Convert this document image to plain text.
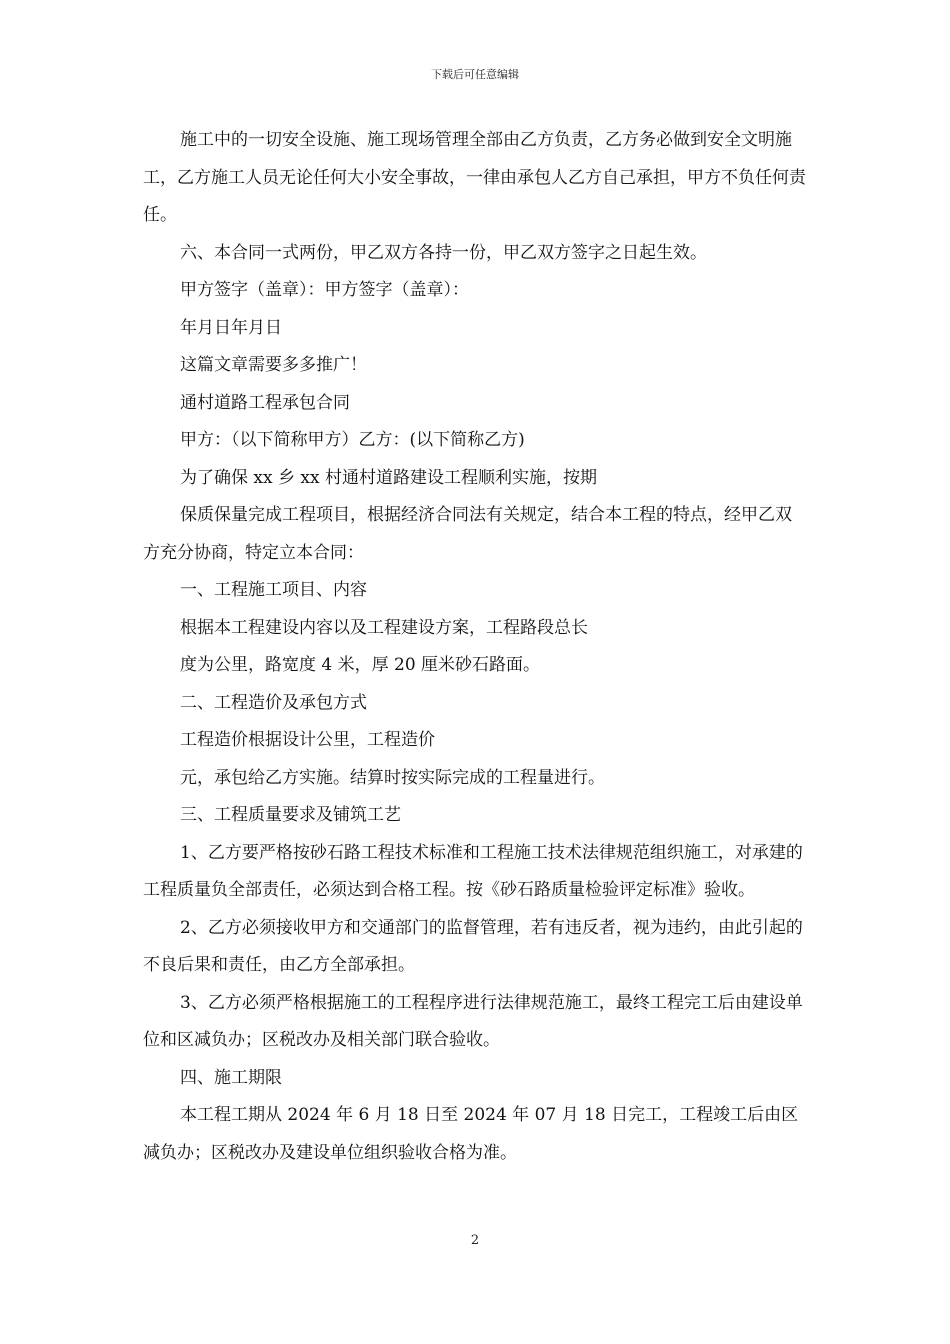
下载后可任意编辑

施工中的一切安全设施、施工现场管理全部由乙方负责，乙方务必做到安全文明施工，乙方施工人员无论任何大小安全事故，一律由承包人乙方自己承担，甲方不负任何责任。

六、本合同一式两份，甲乙双方各持一份，甲乙双方签字之日起生效。

甲方签字（盖章）：甲方签字（盖章）：

年月日年月日

这篇文章需要多多推广！

通村道路工程承包合同

甲方：（以下简称甲方）乙方：(以下简称乙方)

为了确保 xx 乡 xx 村通村道路建设工程顺利实施，按期

保质保量完成工程项目，根据经济合同法有关规定，结合本工程的特点，经甲乙双方充分协商，特定立本合同：

一、工程施工项目、内容

根据本工程建设内容以及工程建设方案，工程路段总长

度为公里，路宽度 4 米，厚 20 厘米砂石路面。

二、工程造价及承包方式

工程造价根据设计公里，工程造价

元，承包给乙方实施。结算时按实际完成的工程量进行。

三、工程质量要求及铺筑工艺

1、乙方要严格按砂石路工程技术标准和工程施工技术法律规范组织施工，对承建的工程质量负全部责任，必须达到合格工程。按《砂石路质量检验评定标准》验收。

2、乙方必须接收甲方和交通部门的监督管理，若有违反者，视为违约，由此引起的不良后果和责任，由乙方全部承担。

3、乙方必须严格根据施工的工程程序进行法律规范施工，最终工程完工后由建设单位和区减负办；区税改办及相关部门联合验收。

四、施工期限

本工程工期从 2024 年 6 月 18 日至 2024 年 07 月 18 日完工，工程竣工后由区减负办；区税改办及建设单位组织验收合格为准。

2
